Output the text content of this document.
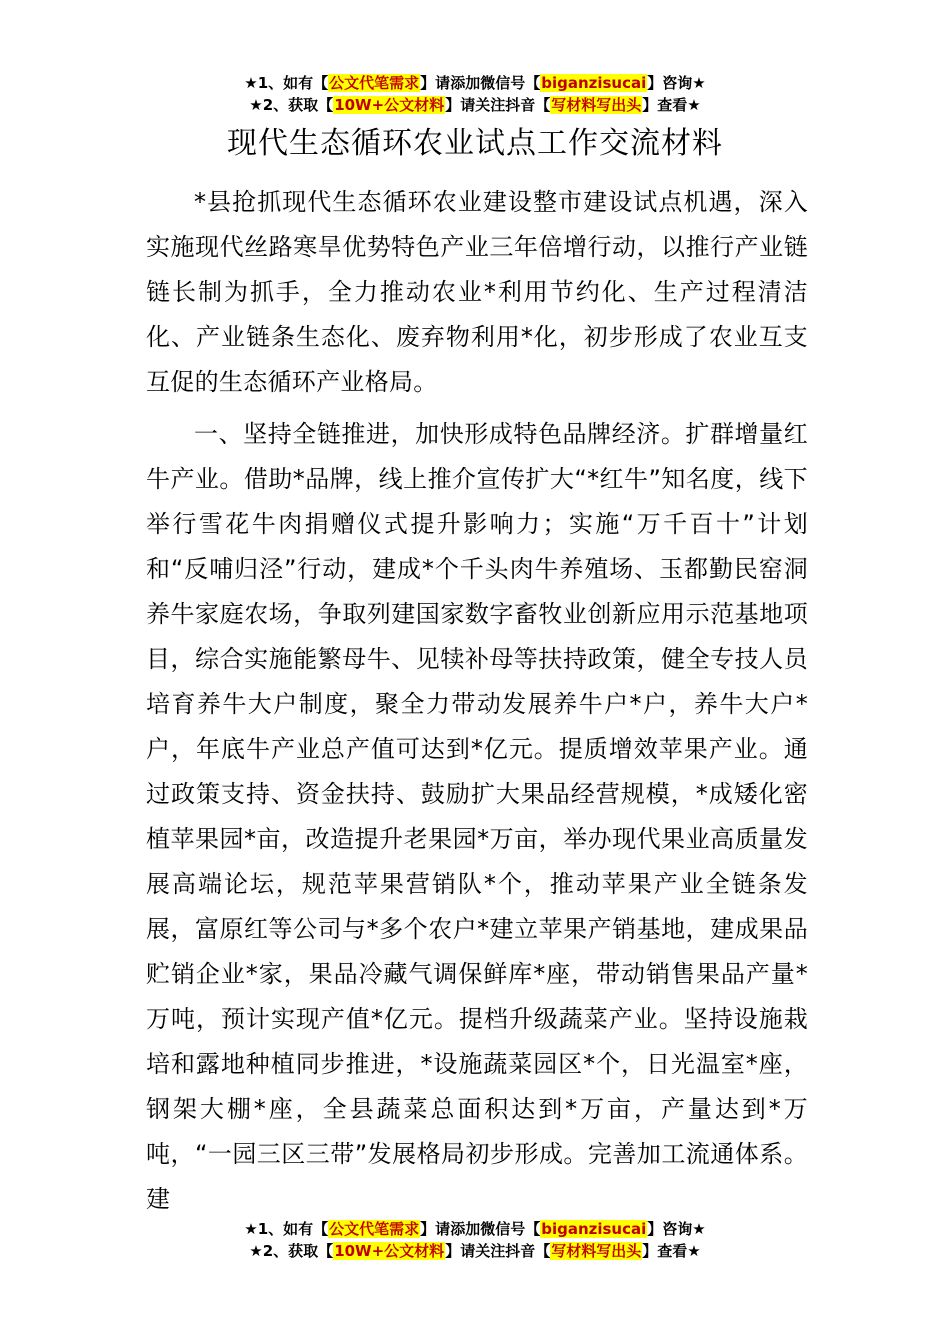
★1、如有【公文代笔需求】请添加微信号【biganzisucai】咨询★
★2、获取【10W+公文材料】请关注抖音【写材料写出头】查看★
现代生态循环农业试点工作交流材料

*县抢抓现代生态循环农业建设整市建设试点机遇，深入实施现代丝路寒旱优势特色产业三年倍增行动，以推行产业链链长制为抓手，全力推动农业*利用节约化、生产过程清洁化、产业链条生态化、废弃物利用*化，初步形成了农业互支互促的生态循环产业格局。

一、坚持全链推进，加快形成特色品牌经济。扩群增量红牛产业。借助*品牌，线上推介宣传扩大“*红牛”知名度，线下举行雪花牛肉捐赠仪式提升影响力；实施“万千百十”计划和“反哺归泾”行动，建成*个千头肉牛养殖场、玉都勤民窑洞养牛家庭农场，争取列建国家数字畜牧业创新应用示范基地项目，综合实施能繁母牛、见犊补母等扶持政策，健全专技人员培育养牛大户制度，聚全力带动发展养牛户*户，养牛大户*户，年底牛产业总产值可达到*亿元。提质增效苹果产业。通过政策支持、资金扶持、鼓励扩大果品经营规模，*成矮化密植苹果园*亩，改造提升老果园*万亩，举办现代果业高质量发展高端论坛，规范苹果营销队*个，推动苹果产业全链条发展，富原红等公司与*多个农户*建立苹果产销基地，建成果品贮销企业*家，果品冷藏气调保鲜库*座，带动销售果品产量*万吨，预计实现产值*亿元。提档升级蔬菜产业。坚持设施栽培和露地种植同步推进，*设施蔬菜园区*个，日光温室*座，钢架大棚*座，全县蔬菜总面积达到*万亩，产量达到*万吨，“一园三区三带”发展格局初步形成。完善加工流通体系。建

★1、如有【公文代笔需求】请添加微信号【biganzisucai】咨询★
★2、获取【10W+公文材料】请关注抖音【写材料写出头】查看★
